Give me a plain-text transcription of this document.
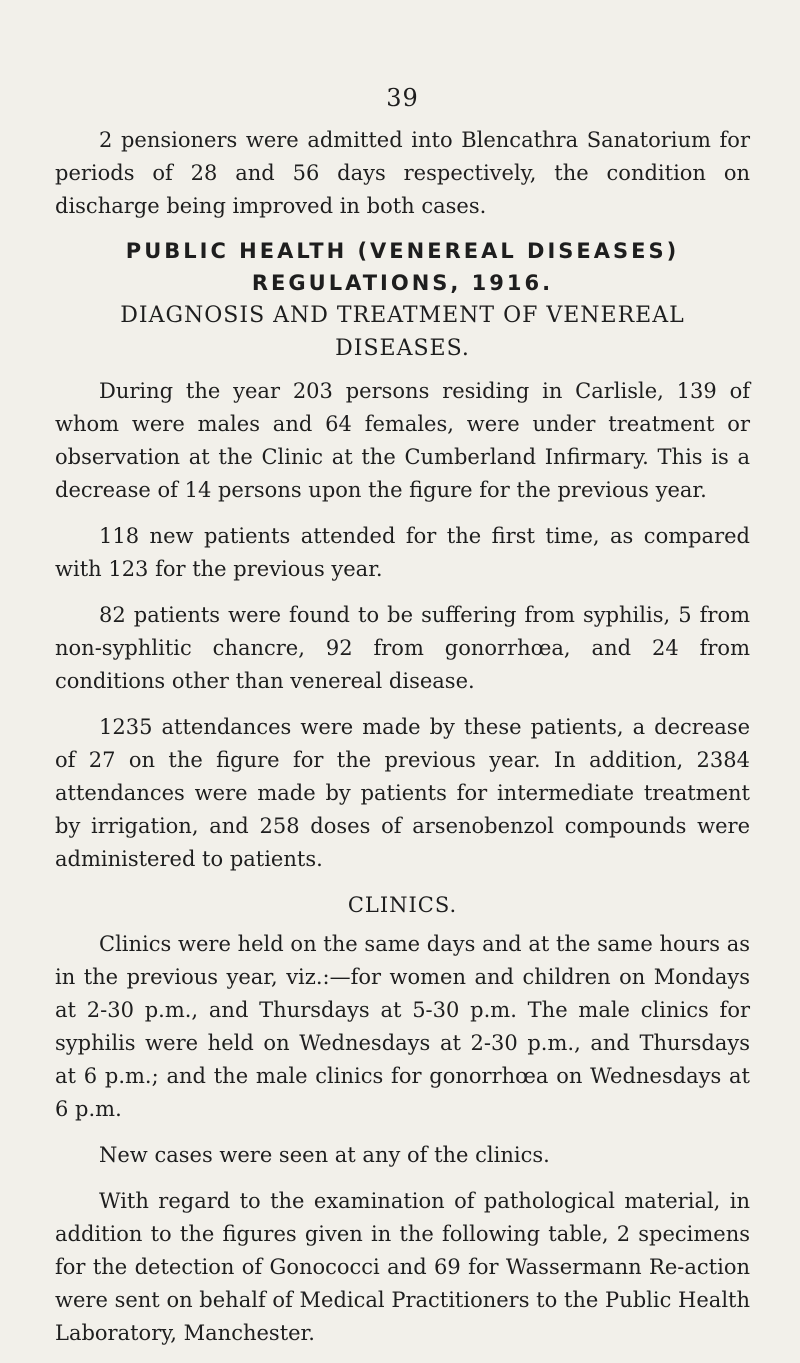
39

2 pensioners were admitted into Blencathra Sanatorium for periods of 28 and 56 days respectively, the condition on discharge being improved in both cases.

PUBLIC HEALTH (VENEREAL DISEASES)
REGULATIONS, 1916.
DIAGNOSIS AND TREATMENT OF VENEREAL DISEASES.

During the year 203 persons residing in Carlisle, 139 of whom were males and 64 females, were under treatment or observation at the Clinic at the Cumberland Infirmary. This is a decrease of 14 persons upon the figure for the previous year.

118 new patients attended for the first time, as compared with 123 for the previous year.

82 patients were found to be suffering from syphilis, 5 from non-syphlitic chancre, 92 from gonorrhœa, and 24 from conditions other than venereal disease.

1235 attendances were made by these patients, a decrease of 27 on the figure for the previous year. In addition, 2384 attendances were made by patients for intermediate treatment by irrigation, and 258 doses of arsenobenzol compounds were administered to patients.

CLINICS.

Clinics were held on the same days and at the same hours as in the previous year, viz.:—for women and children on Mondays at 2-30 p.m., and Thursdays at 5-30 p.m. The male clinics for syphilis were held on Wednesdays at 2-30 p.m., and Thursdays at 6 p.m.; and the male clinics for gonorrhœa on Wednesdays at 6 p.m.

New cases were seen at any of the clinics.

With regard to the examination of pathological material, in addition to the figures given in the following table, 2 specimens for the detection of Gonococci and 69 for Wassermann Re-action were sent on behalf of Medical Practitioners to the Public Health Laboratory, Manchester.
